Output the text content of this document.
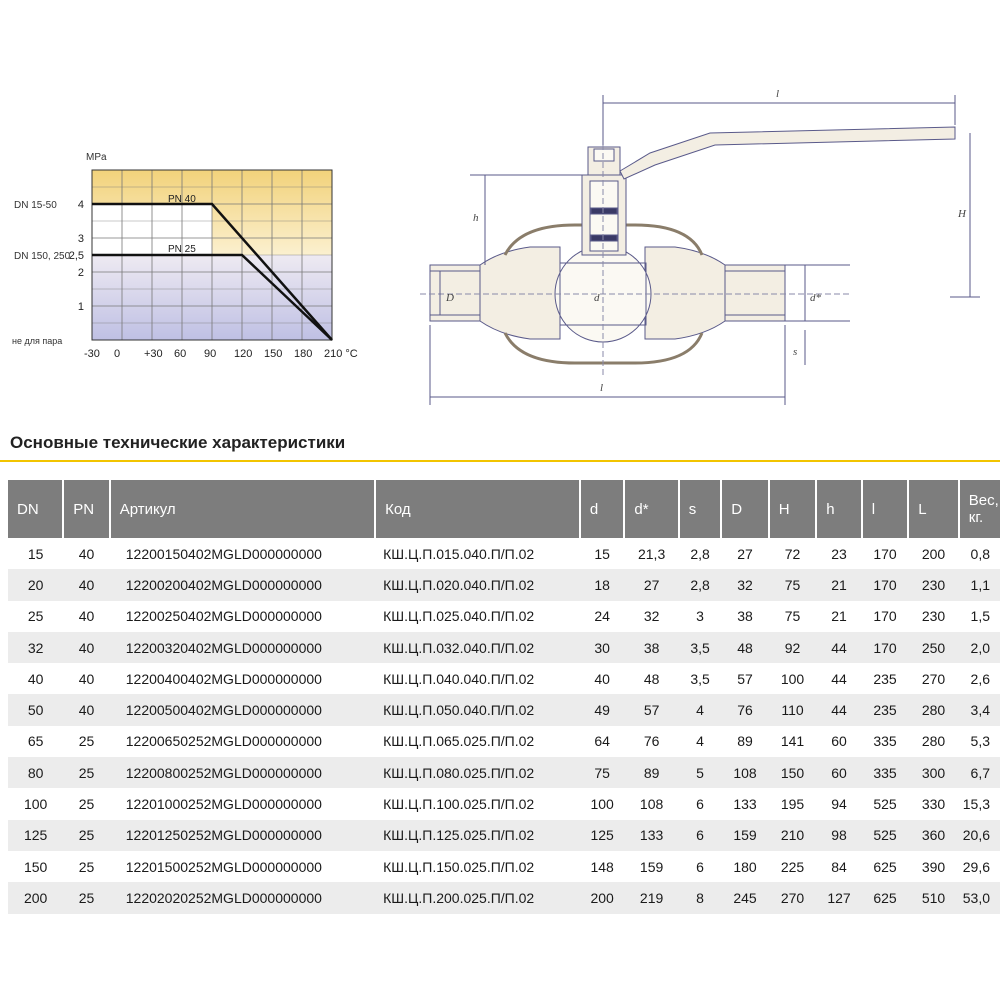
-30 0 +30 60 90 120 150 180 210 °C
1
2
2,5
3
4
MPa
DN 15-50
DN 150, 250
не для пара
PN 40
PN 25
l
l
H
h
D	d	d*
s
Основные технические характеристики
DN	PN	Артикул	Код	d	d*	s	D	H	h	l	L	Вес, кг.
15	40	12200150402MGLD000000000	КШ.Ц.П.015.040.П/П.02	15	21,3	2,8	27	72	23	170	200	0,8
20	40	12200200402MGLD000000000	КШ.Ц.П.020.040.П/П.02	18	27	2,8	32	75	21	170	230	1,1
25	40	12200250402MGLD000000000	КШ.Ц.П.025.040.П/П.02	24	32	3	38	75	21	170	230	1,5
32	40	12200320402MGLD000000000	КШ.Ц.П.032.040.П/П.02	30	38	3,5	48	92	44	170	250	2,0
40	40	12200400402MGLD000000000	КШ.Ц.П.040.040.П/П.02	40	48	3,5	57	100	44	235	270	2,6
50	40	12200500402MGLD000000000	КШ.Ц.П.050.040.П/П.02	49	57	4	76	110	44	235	280	3,4
65	25	12200650252MGLD000000000	КШ.Ц.П.065.025.П/П.02	64	76	4	89	141	60	335	280	5,3
80	25	12200800252MGLD000000000	КШ.Ц.П.080.025.П/П.02	75	89	5	108	150	60	335	300	6,7
100	25	12201000252MGLD000000000	КШ.Ц.П.100.025.П/П.02	100	108	6	133	195	94	525	330	15,3
125	25	12201250252MGLD000000000	КШ.Ц.П.125.025.П/П.02	125	133	6	159	210	98	525	360	20,6
150	25	12201500252MGLD000000000	КШ.Ц.П.150.025.П/П.02	148	159	6	180	225	84	625	390	29,6
200	25	12202020252MGLD000000000	КШ.Ц.П.200.025.П/П.02	200	219	8	245	270	127	625	510	53,0
